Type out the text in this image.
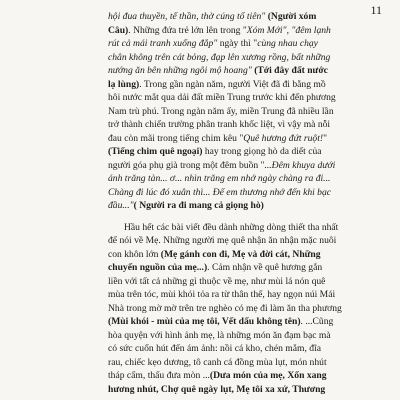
11
hội đua thuyền, tế thần, thờ cúng tổ tiên" (Người xóm
Câu). Những đứa trẻ lớn lên trong "Xóm Mới", "đêm lạnh
rút cả mái tranh xuống đắp" ngày thì "cùng nhau chạy
chân không trên cát bỏng, đạp lên xương rồng, bất những
nướng ăn bên những ngôi mộ hoang" (Tới đây đất nước
lạ lùng). Trong gần ngàn năm, người Việt đã đi bằng mồ
hôi nước mắt qua dải đất miền Trung trước khi đến phương
Nam trù phú. Trong ngàn năm ấy, miền Trung đã nhiều lần
trở thành chiến trường phân tranh khốc liệt, vì vậy mà nỗi
đau còn mãi trong tiếng chim kêu "Quê hương đứt ruột!"
(Tiếng chim quê ngoại) hay trong giọng hò da diết của
người góa phụ già trong một đêm buồn "...Đêm khuya dưới
ánh trăng tàn... ơ... nhìn trăng em nhớ ngày chàng ra đi...
Chàng đi lúc đó xuân thì... Để em thương nhớ đến khi bạc
đầu..."( Người ra đi mang cả giọng hò)
Hầu hết các bài viết đều dành những dòng thiết tha nhất
để nói về Mẹ. Những người mẹ quê nhận ăn nhận mặc nuôi
con khôn lớn (Mẹ gánh con đi, Mẹ và đời cát, Những
chuyến nguồn của mẹ...). Cảm nhận về quê hương gắn
liền với tất cả những gì thuộc về mẹ, như mùi lá nón quê
mùa trên tóc, mùi khói tỏa ra từ thân thể, hay ngọn núi Mái
Nhà trong mờ mờ trên tre nghèo có mẹ đi làm ăn tha phương
(Mùi khói - mùi của mẹ tôi, Vết dấu không tên). ...Cũng
hòa quyện với hình ảnh mẹ, là những món ăn đạm bạc mà
có sức cuốn hút đến ám ảnh: nồi cá kho, chén mắm, đĩa
rau, chiếc kẹo dương, tô canh cá đồng mùa lụt, món nhút
tháp cẩm, thấu đưa mòn ...(Dưa món của mẹ, Xốn xang
hương nhút, Chợ quê ngày lụt, Mẹ tôi xa xứ, Thương
